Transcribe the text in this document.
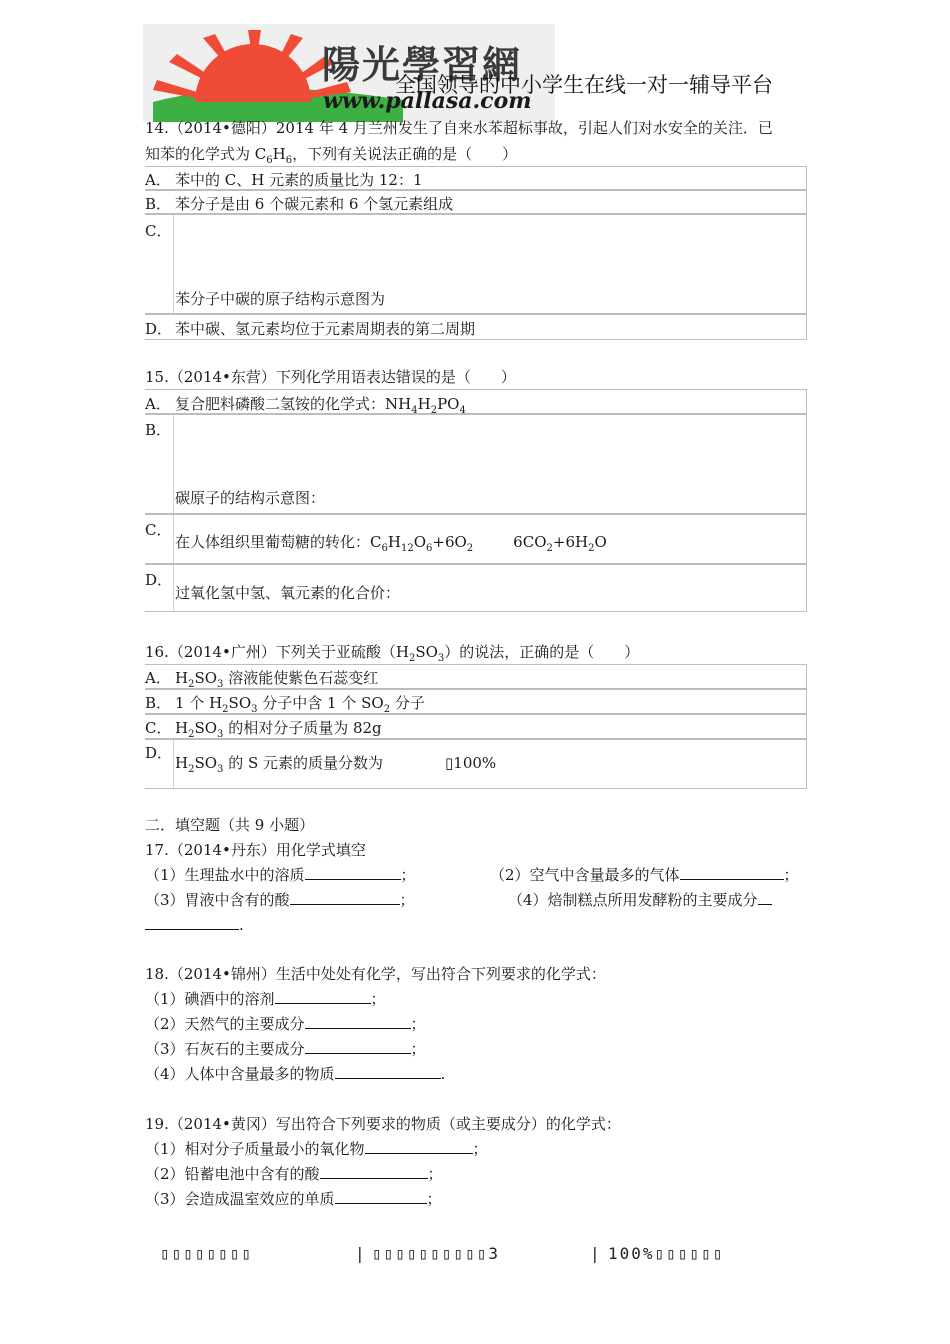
陽光學習網
全国领导的中小学生在线一对一辅导平台
www.pallasa.com
14.（2014•德阳）2014 年 4 月兰州发生了自来水苯超标事故，引起人们对水安全的关注．已
知苯的化学式为 $C_6H_6$，下列有关说法正确的是（　　）
A． 苯中的 C、H 元素的质量比为 12：1
B． 苯分子是由 6 个碳元素和 6 个氢元素组成
C．
苯分子中碳的原子结构示意图为
D． 苯中碳、氢元素均位于元素周期表的第二周期
15.（2014•东营）下列化学用语表达错误的是（　　）
A． 复合肥料磷酸二氢铵的化学式：$NH_4H_2PO_4$
B．
碳原子的结构示意图：
C．
在人体组织里葡萄糖的转化：$C_6H_{12}O_6+6O_2$	$6CO_2+6H_2O$
D．
过氧化氢中氢、氧元素的化合价：
16.（2014•广州）下列关于亚硫酸$(H_2SO_3)$的说法，正确的是（　　）
A． $H_2SO_3$ 溶液能使紫色石蕊变红
B． 1 个 $H_2SO_3$ 分子中含 1 个 $SO_2$ 分子
C． $H_2SO_3$ 的相对分子质量为 82g
D．
$H_2SO_3$ 的 S 元素的质量分数为	▯100%
二．填空题（共 9 小题）
17.（2014•丹东）用化学式填空
（1）生理盐水中的溶质	；	（2）空气中含量最多的气体	；
（3）胃液中含有的酸	；	（4）焙制糕点所用发酵粉的主要成分
.
18.（2014•锦州）生活中处处有化学，写出符合下列要求的化学式：
（1）碘酒中的溶剂	；
（2）天然气的主要成分	；
（3）石灰石的主要成分	；
（4）人体中含量最多的物质	.
19.（2014•黄冈）写出符合下列要求的物质（或主要成分）的化学式：
（1）相对分子质量最小的氧化物	；
（2）铅蓄电池中含有的酸	；
（3）会造成温室效应的单质	；
▯▯▯▯▯▯▯▯	| ▯▯▯▯▯▯▯▯▯▯3	| 100%▯▯▯▯▯▯
